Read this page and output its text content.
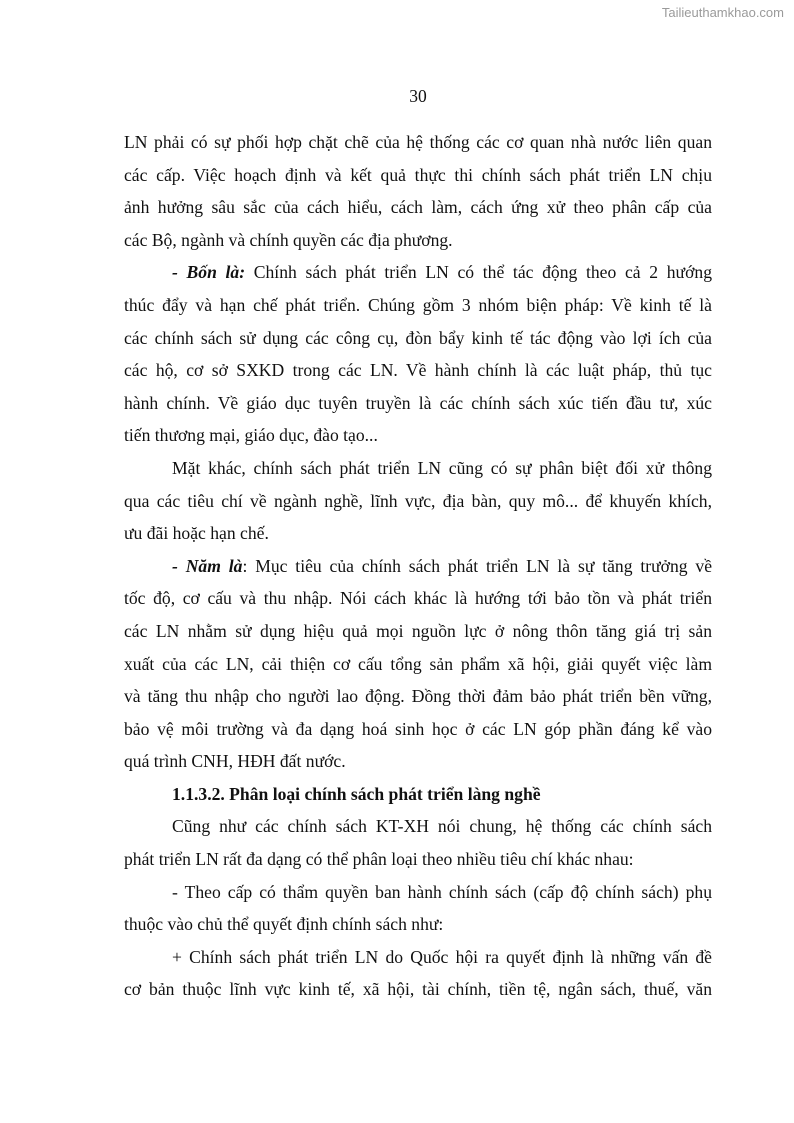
Tailieuthamkhao.com
30
LN phải có sự phối hợp chặt chẽ của hệ thống các cơ quan nhà nước liên quan
các cấp. Việc hoạch định và kết quả thực thi chính sách phát triển LN chịu
ảnh hưởng sâu sắc của cách hiểu, cách làm, cách ứng xử theo phân cấp của
các Bộ, ngành và chính quyền các địa phương.
- Bốn là: Chính sách phát triển LN có thể tác động theo cả 2 hướng
thúc đẩy và hạn chế phát triển. Chúng gồm 3 nhóm biện pháp: Về kinh tế là
các chính sách sử dụng các công cụ, đòn bẩy kinh tế tác động vào lợi ích của
các hộ, cơ sở SXKD trong các LN. Về hành chính là các luật pháp, thủ tục
hành chính. Về giáo dục tuyên truyền là các chính sách xúc tiến đầu tư, xúc
tiến thương mại, giáo dục, đào tạo...
Mặt khác, chính sách phát triển LN cũng có sự phân biệt đối xử thông
qua các tiêu chí về ngành nghề, lĩnh vực, địa bàn, quy mô... để khuyến khích,
ưu đãi hoặc hạn chế.
- Năm là: Mục tiêu của chính sách phát triển LN là sự tăng trưởng về
tốc độ, cơ cấu và thu nhập. Nói cách khác là hướng tới bảo tồn và phát triển
các LN nhằm sử dụng hiệu quả mọi nguồn lực ở nông thôn tăng giá trị sản
xuất của các LN, cải thiện cơ cấu tổng sản phẩm xã hội, giải quyết việc làm
và tăng thu nhập cho người lao động. Đồng thời đảm bảo phát triển bền vững,
bảo vệ môi trường và đa dạng hoá sinh học ở các LN góp phần đáng kể vào
quá trình CNH, HĐH đất nước.
1.1.3.2. Phân loại chính sách phát triển làng nghề
Cũng như các chính sách KT-XH nói chung, hệ thống các chính sách
phát triển LN rất đa dạng có thể phân loại theo nhiều tiêu chí khác nhau:
- Theo cấp có thẩm quyền ban hành chính sách (cấp độ chính sách) phụ
thuộc vào chủ thể quyết định chính sách như:
+ Chính sách phát triển LN do Quốc hội ra quyết định là những vấn đề
cơ bản thuộc lĩnh vực kinh tế, xã hội, tài chính, tiền tệ, ngân sách, thuế, văn
